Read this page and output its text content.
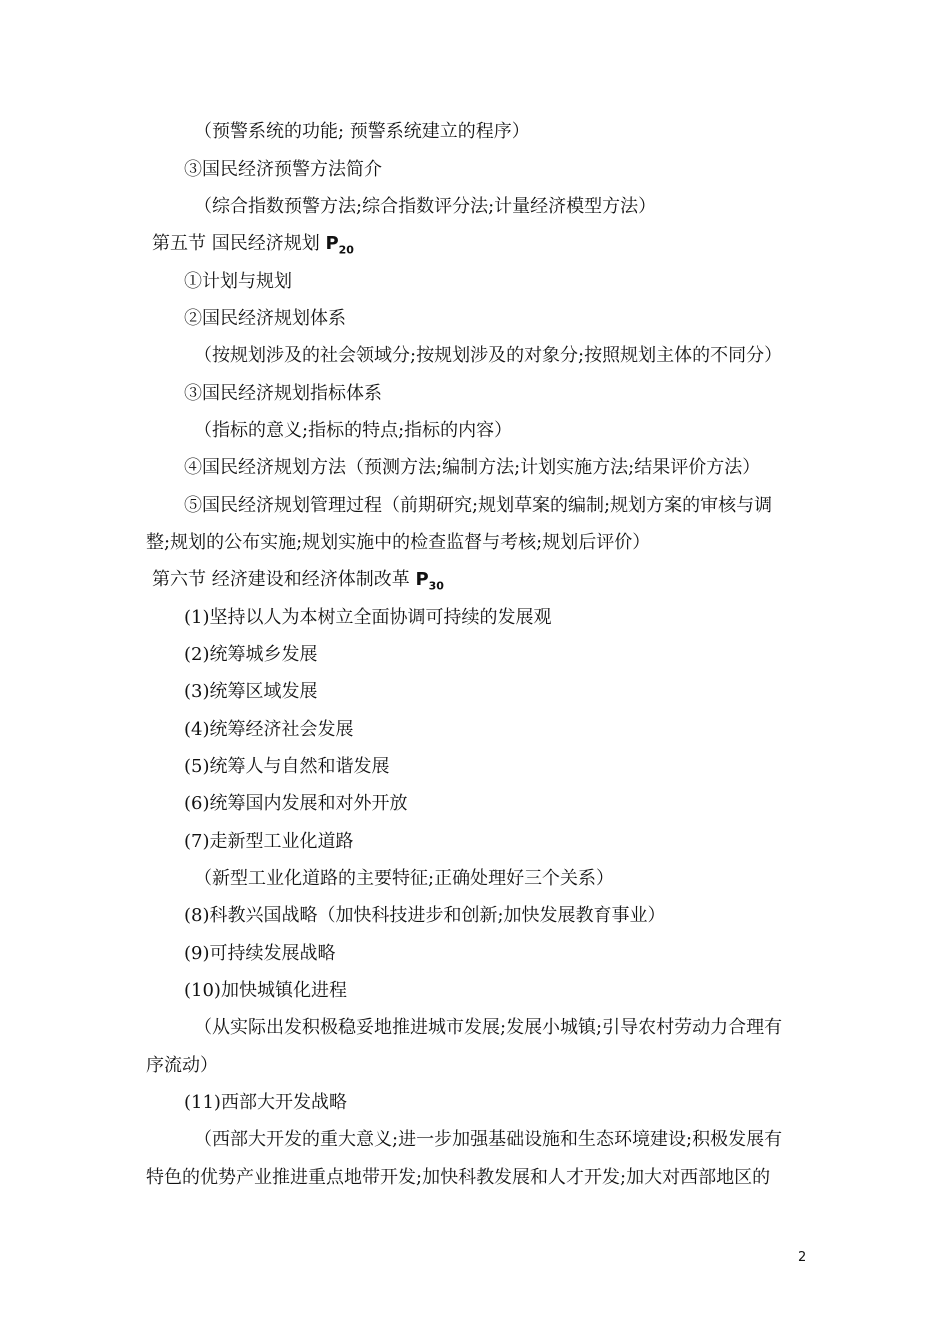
（预警系统的功能; 预警系统建立的程序）
③国民经济预警方法简介
（综合指数预警方法;综合指数评分法;计量经济模型方法）
第五节 国民经济规划 $P_{20}$
①计划与规划
②国民经济规划体系
（按规划涉及的社会领域分;按规划涉及的对象分;按照规划主体的不同分）
③国民经济规划指标体系
（指标的意义;指标的特点;指标的内容）
④国民经济规划方法（预测方法;编制方法;计划实施方法;结果评价方法）
⑤国民经济规划管理过程（前期研究;规划草案的编制;规划方案的审核与调
整;规划的公布实施;规划实施中的检查监督与考核;规划后评价）
第六节 经济建设和经济体制改革 $P_{30}$
(1)坚持以人为本树立全面协调可持续的发展观
(2)统筹城乡发展
(3)统筹区域发展
(4)统筹经济社会发展
(5)统筹人与自然和谐发展
(6)统筹国内发展和对外开放
(7)走新型工业化道路
（新型工业化道路的主要特征;正确处理好三个关系）
(8)科教兴国战略（加快科技进步和创新;加快发展教育事业）
(9)可持续发展战略
(10)加快城镇化进程
（从实际出发积极稳妥地推进城市发展;发展小城镇;引导农村劳动力合理有
序流动）
(11)西部大开发战略
（西部大开发的重大意义;进一步加强基础设施和生态环境建设;积极发展有
特色的优势产业推进重点地带开发;加快科教发展和人才开发;加大对西部地区的
2
